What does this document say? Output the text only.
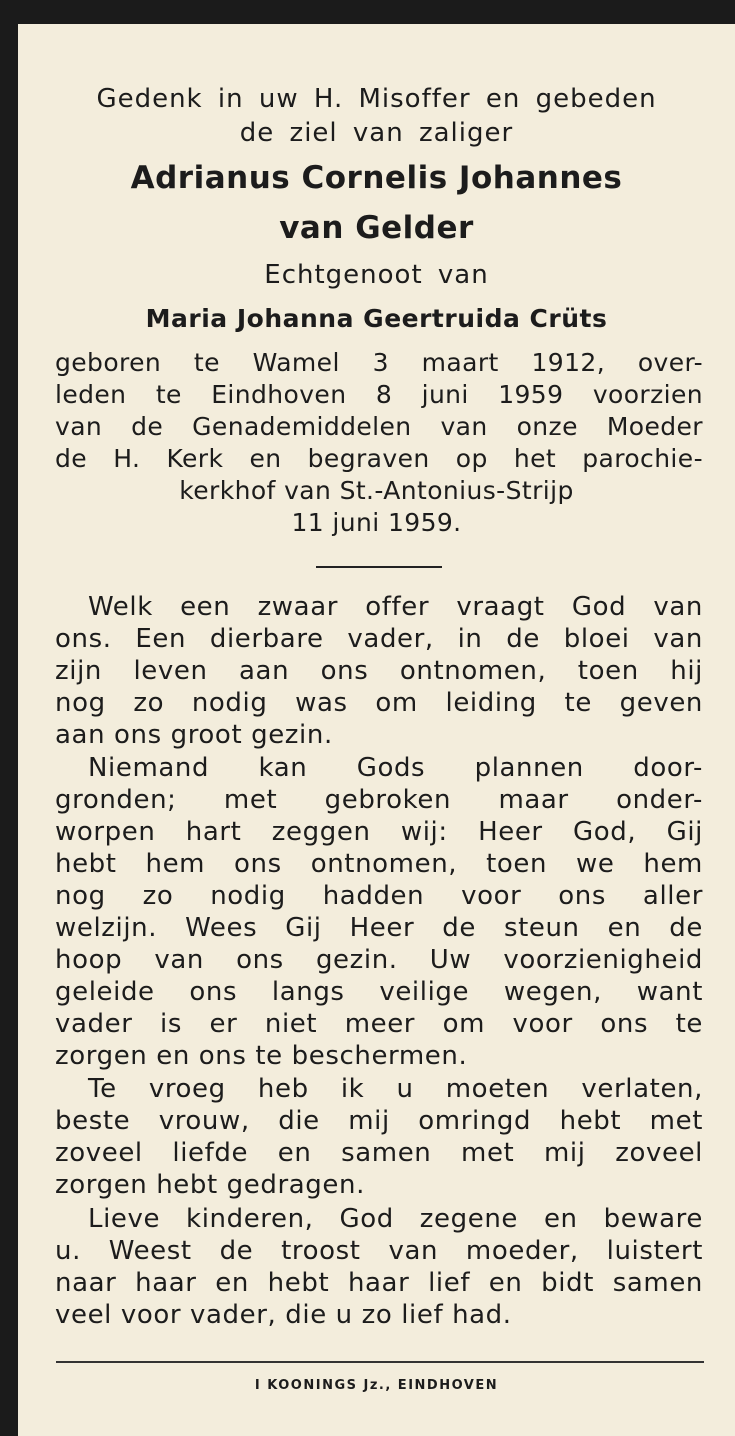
Gedenk in uw H. Misoffer en gebeden
de ziel van zaliger
Adrianus Cornelis Johannes
van Gelder
Echtgenoot van
Maria Johanna Geertruida Crüts
geboren te Wamel 3 maart 1912, over-
leden te Eindhoven 8 juni 1959 voorzien
van de Genademiddelen van onze Moeder
de H. Kerk en begraven op het parochie-
kerkhof van St.-Antonius-Strijp
11 juni 1959.
Welk een zwaar offer vraagt God van
ons. Een dierbare vader, in de bloei van
zijn leven aan ons ontnomen, toen hij
nog zo nodig was om leiding te geven
aan ons groot gezin.
Niemand kan Gods plannen door-
gronden; met gebroken maar onder-
worpen hart zeggen wij: Heer God, Gij
hebt hem ons ontnomen, toen we hem
nog zo nodig hadden voor ons aller
welzijn. Wees Gij Heer de steun en de
hoop van ons gezin. Uw voorzienigheid
geleide ons langs veilige wegen, want
vader is er niet meer om voor ons te
zorgen en ons te beschermen.
Te vroeg heb ik u moeten verlaten,
beste vrouw, die mij omringd hebt met
zoveel liefde en samen met mij zoveel
zorgen hebt gedragen.
Lieve kinderen, God zegene en beware
u. Weest de troost van moeder, luistert
naar haar en hebt haar lief en bidt samen
veel voor vader, die u zo lief had.
I KOONINGS Jz., EINDHOVEN
